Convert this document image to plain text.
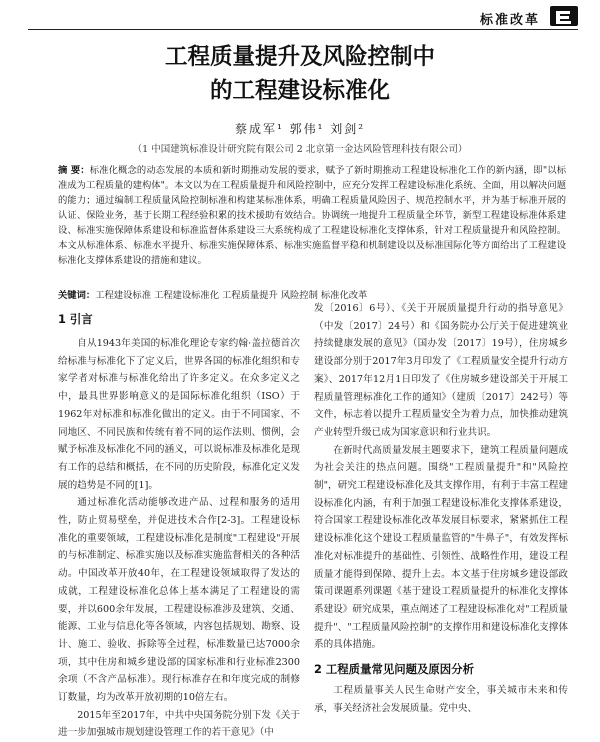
标准改革
工程质量提升及风险控制中
的工程建设标准化
蔡成军¹ 郭伟¹ 刘剑²
（1 中国建筑标准设计研究院有限公司 2 北京第一金达风险管理科技有限公司）
摘 要：标准化概念的动态发展的本质和新时期推动发展的要求，赋予了新时期推动工程建设标准化工作的新内涵，即"以标准成为工程质量的建构体"。本文以为在工程质量提升和风险控制中，应充分发挥工程建设标准化系统、全面，用以解决问题的能力；通过编制工程质量风险控制标准和构建某标准体系，明确工程质量风险因子、规范控制水平，并为基于标准开展的认证、保险业务，基于长期工程经验积累的技术援助有效结合。协调统一地提升工程质量全环节，新型工程建设标准体系建设、标准实施保障体系建设和标准监督体系建设三大系统构成了工程建设标准化支撑体系，针对工程质量提升和风险控制。本文从标准体系、标准水平提升、标准实施保障体系、标准实施监督平稳和机制建设以及标准国际化等方面给出了工程建设标准化支撑体系建设的措施和建议。
关键词：工程建设标准 工程建设标准化 工程质量提升 风险控制 标准化改革
1 引言

自从1943年美国的标准化理论专家约翰·盖拉德首次给标准与标准化下了定义后，世界各国的标准化组织和专家学者对标准与标准化给出了许多定义。在众多定义之中，最具世界影响意义的是国际标准化组织（ISO）于1962年对标准和标准化做出的定义。由于不同国家、不同地区、不同民族和传统有着不同的运作法则、惯例，会赋予标准及标准化不同的涵义，可以说标准及标准化是现有工作的总结和概括，在不同的历史阶段，标准化定义发展的趋势是不同的[1]。

通过标准化活动能够改进产品、过程和服务的适用性，防止贸易壁垒，并促进技术合作[2-3]。工程建设标准化的重要领域，工程建设标准化是制度"工程建设"开展的与标准制定、标准实施以及标准实施监督相关的各种活动。中国改革开放40年，在工程建设领域取得了发达的成就，工程建设标准化总体上基本满足了工程建设的需要，并以600余年发展，工程建设标准涉及建筑、交通、能源、工业与信息化等各领域，内容包括规划、勘察、设计、施工、验收、拆除等全过程，标准数量已达7000余项，其中住房和城乡建设部的国家标准和行业标准2300余项（不含产品标准）。现行标准存在和年度完成的制修订数量，均为改革开放初期的10倍左右。

2015年至2017年，中共中央国务院分别下发《关于进一步加强城市规划建设管理工作的若干意见》（中

发〔2016〕6号）、《关于开展质量提升行动的指导意见》（中发〔2017〕24号）和《国务院办公厅关于促进建筑业持续健康发展的意见》（国办发〔2017〕19号），住房城乡建设部分别于2017年3月印发了《工程质量安全提升行动方案》、2017年12月1日印发了《住房城乡建设部关于开展工程质量管理标准化工作的通知》（建质〔2017〕242号）等文件，标志着以提升工程质量安全为着力点，加快推动建筑产业转型升级已成为国家意识和行业共识。

在新时代高质量发展主题要求下，建筑工程质量问题成为社会关注的热点问题。围绕"工程质量提升"和"风险控制"，研究工程建设标准化及其支撑作用，有利于丰富工程建设标准化内涵，有利于加强工程建设标准化支撑体系建设，符合国家工程建设标准化改革发展目标要求，紧紧抓住工程建设标准化这个建设工程质量监管的"牛鼻子"，有效发挥标准化对标准提升的基础性、引领性、战略性作用，建设工程质量才能得到保障、提升上去。本文基于住房城乡建设部政策司课题系列课题《基于建设工程质量提升的标准化支撑体系建设》研究成果，重点阐述了工程建设标准化对"工程质量提升"、"工程质量风险控制"的支撑作用和建设标准化支撑体系的具体措施。

2 工程质量常见问题及原因分析

工程质量事关人民生命财产安全，事关城市未来和传承，事关经济社会发展质量。党中央、
